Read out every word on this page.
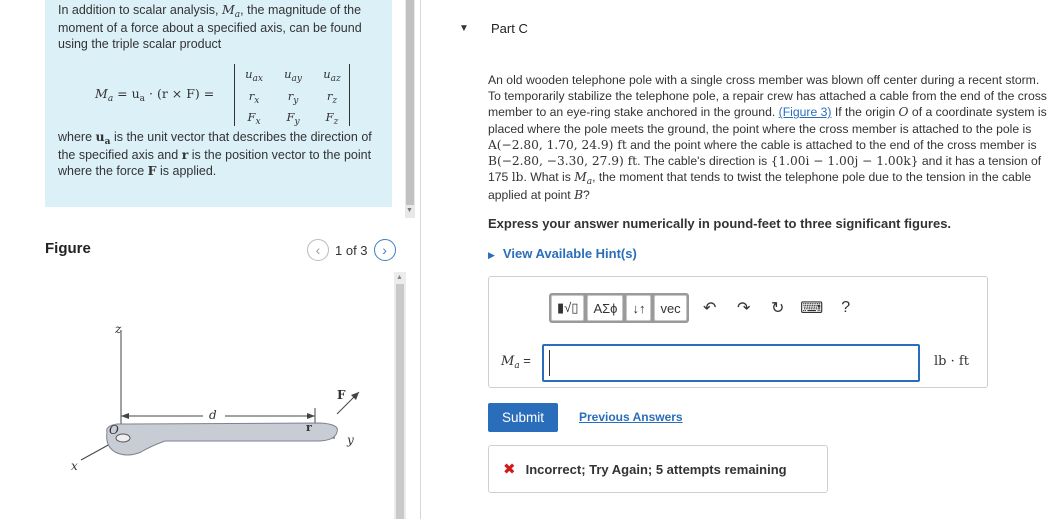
In addition to scalar analysis, $M_a$, the magnitude of the
moment of a force about a specified axis, can be found
using the triple scalar product
$M_a = u_a \cdot (r \times F)$ =
$u_{ax}$	$u_{ay}$	$u_{az}$
$r_x$	$r_y$	$r_z$
$F_x$	$F_y$	$F_z$
where $u_a$ is the unit vector that describes the direction of the specified axis and r is the position vector to the point where the force F is applied.
▼
Figure	‹ 1 of 3 ›
z
x
y
O
d
r
F
▲
▼ Part C
An old wooden telephone pole with a single cross member was blown off center during a recent storm. To temporarily stabilize the telephone pole, a repair crew has attached a cable from the end of the cross member to an eye-ring stake anchored in the ground. (Figure 3) If the origin O of a coordinate system is placed where the pole meets the ground, the point where the cross member is attached to the pole is A(−2.80, 1.70, 24.9) ft and the point where the cable is attached to the end of the cross member is B(−2.80, −3.30, 27.9) ft. The cable's direction is {1.00i − 1.00j − 1.00k} and it has a tension of 175 lb. What is $M_a$, the moment that tends to twist the telephone pole due to the tension in the cable applied at point B?
Express your answer numerically in pound-feet to three significant figures.
▶ View Available Hint(s)
▮√▯	ΑΣϕ	↓↑	vec	↶	↷	↻ ⌨	?
$M_a$ =	lb · ft
Submit	Previous Answers
✖ Incorrect; Try Again; 5 attempts remaining
